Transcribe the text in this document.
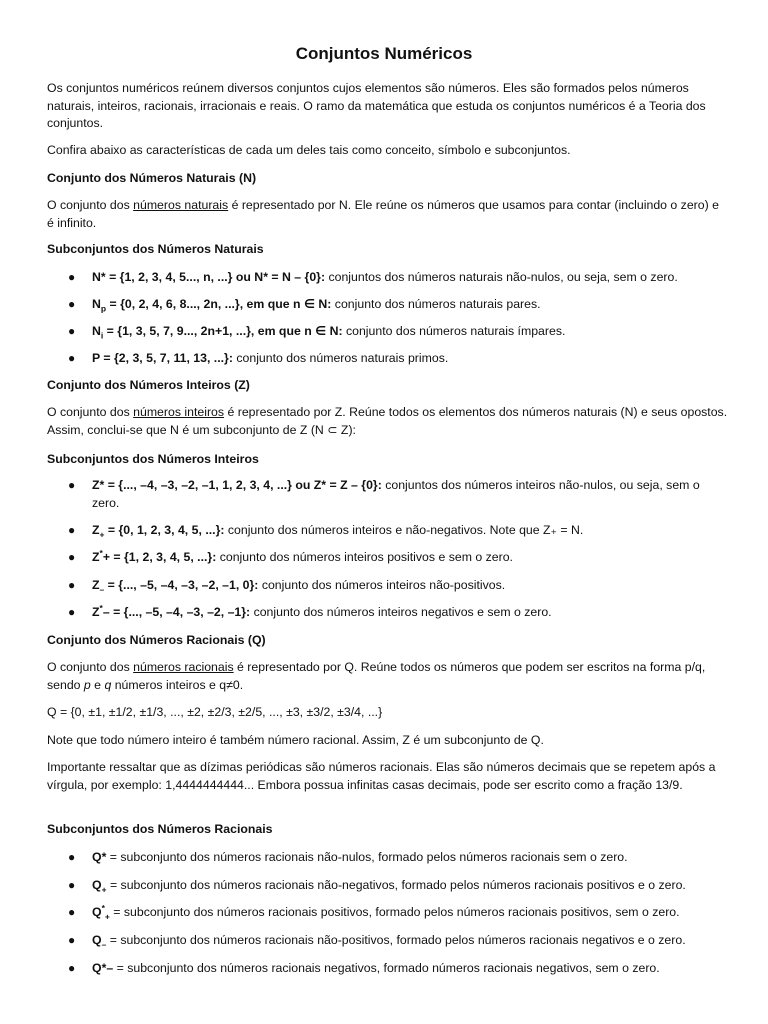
Conjuntos Numéricos

Os conjuntos numéricos reúnem diversos conjuntos cujos elementos são números. Eles são formados pelos números naturais, inteiros, racionais, irracionais e reais. O ramo da matemática que estuda os conjuntos numéricos é a Teoria dos conjuntos.

Confira abaixo as características de cada um deles tais como conceito, símbolo e subconjuntos.

Conjunto dos Números Naturais (N)

O conjunto dos números naturais é representado por N. Ele reúne os números que usamos para contar (incluindo o zero) e é infinito.

Subconjuntos dos Números Naturais

● N* = {1, 2, 3, 4, 5..., n, ...} ou N* = N – {0}: conjuntos dos números naturais não-nulos, ou seja, sem o zero.

● $N_p = \{0$, 2, 4, 6, 8..., 2n, ...}, em que n ∈ N: conjunto dos números naturais pares.

● $N_i = \{1$, 3, 5, 7, 9..., 2n+1, ...}, em que n ∈ N: conjunto dos números naturais ímpares.

● P = {2, 3, 5, 7, 11, 13, ...}: conjunto dos números naturais primos.

Conjunto dos Números Inteiros (Z)

O conjunto dos números inteiros é representado por Z. Reúne todos os elementos dos números naturais (N) e seus opostos. Assim, conclui-se que N é um subconjunto de Z (N ⊂ Z):

Subconjuntos dos Números Inteiros

● Z* = {..., –4, –3, –2, –1, 1, 2, 3, 4, ...} ou Z* = Z – {0}: conjuntos dos números inteiros não-nulos, ou seja, sem o zero.

● $Z_+ = \{0$, 1, 2, 3, 4, 5, ...}: conjunto dos números inteiros e não-negativos. Note que Z₊ = N.

● Z*+ = {1, 2, 3, 4, 5, ...}: conjunto dos números inteiros positivos e sem o zero.

● $Z_-$ = {..., –5, –4, –3, –2, –1, 0}: conjunto dos números inteiros não-positivos.

● Z*– = {..., –5, –4, –3, –2, –1}: conjunto dos números inteiros negativos e sem o zero.

Conjunto dos Números Racionais (Q)

O conjunto dos números racionais é representado por Q. Reúne todos os números que podem ser escritos na forma p/q, sendo p e q números inteiros e q≠0.

Q = {0, ±1, ±1/2, ±1/3, ..., ±2, ±2/3, ±2/5, ..., ±3, ±3/2, ±3/4, ...}

Note que todo número inteiro é também número racional. Assim, Z é um subconjunto de Q.

Importante ressaltar que as dízimas periódicas são números racionais. Elas são números decimais que se repetem após a vírgula, por exemplo: 1,4444444444... Embora possua infinitas casas decimais, pode ser escrito como a fração 13/9.

Subconjuntos dos Números Racionais

● Q* = subconjunto dos números racionais não-nulos, formado pelos números racionais sem o zero.

● $Q_+$ = subconjunto dos números racionais não-negativos, formado pelos números racionais positivos e o zero.

● $Q^*_+$ = subconjunto dos números racionais positivos, formado pelos números racionais positivos, sem o zero.

● $Q_-$ = subconjunto dos números racionais não-positivos, formado pelos números racionais negativos e o zero.

● Q*– = subconjunto dos números racionais negativos, formado números racionais negativos, sem o zero.
